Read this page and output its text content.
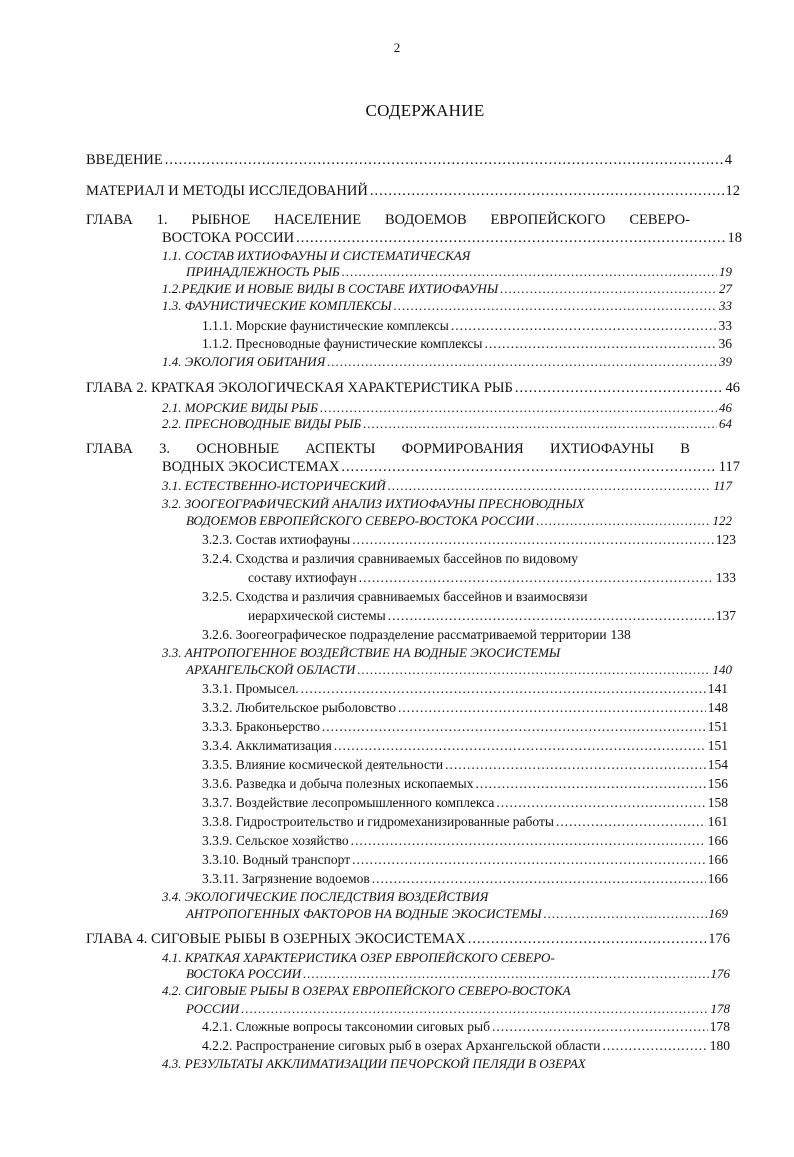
2
СОДЕРЖАНИЕ
ВВЕДЕНИЕ .....	4
МАТЕРИАЛ И МЕТОДЫ ИССЛЕДОВАНИЙ .....	12
ГЛАВА 1. РЫБНОЕ НАСЕЛЕНИЕ ВОДОЕМОВ ЕВРОПЕЙСКОГО СЕВЕРО-
ВОСТОКА РОССИИ .....	18
1.1. СОСТАВ ИХТИОФАУНЫ И СИСТЕМАТИЧЕСКАЯ
ПРИНАДЛЕЖНОСТЬ РЫБ .....	19
1.2.РЕДКИЕ И НОВЫЕ ВИДЫ В СОСТАВЕ ИХТИОФАУНЫ .....	27
1.3. ФАУНИСТИЧЕСКИЕ КОМПЛЕКСЫ .....	33
1.1.1. Морские фаунистические комплексы .....	33
1.1.2. Пресноводные фаунистические комплексы .....	36
1.4. ЭКОЛОГИЯ ОБИТАНИЯ .....	39
ГЛАВА 2. КРАТКАЯ ЭКОЛОГИЧЕСКАЯ ХАРАКТЕРИСТИКА РЫБ .....	46
2.1. МОРСКИЕ ВИДЫ РЫБ .....	46
2.2. ПРЕСНОВОДНЫЕ ВИДЫ РЫБ .....	64
ГЛАВА 3. ОСНОВНЫЕ АСПЕКТЫ ФОРМИРОВАНИЯ ИХТИОФАУНЫ В
ВОДНЫХ ЭКОСИСТЕМАХ .....	117
3.1. ЕСТЕСТВЕННО-ИСТОРИЧЕСКИЙ .....	117
3.2. ЗООГЕОГРАФИЧЕСКИЙ АНАЛИЗ ИХТИОФАУНЫ ПРЕСНОВОДНЫХ
ВОДОЕМОВ ЕВРОПЕЙСКОГО СЕВЕРО-ВОСТОКА РОССИИ .....	122
3.2.3. Состав ихтиофауны .....	123
3.2.4. Сходства и различия сравниваемых бассейнов по видовому
составу ихтиофаун .....	133
3.2.5. Сходства и различия сравниваемых бассейнов и взаимосвязи
иерархической системы .....	137
3.2.6. Зоогеографическое подразделение рассматриваемой территории 138
3.3. АНТРОПОГЕННОЕ ВОЗДЕЙСТВИЕ НА ВОДНЫЕ ЭКОСИСТЕМЫ
АРХАНГЕЛЬСКОЙ ОБЛАСТИ .....	140
3.3.1. Промысел. .....	141
3.3.2. Любительское рыболовство .....	148
3.3.3. Браконьерство .....	151
3.3.4. Акклиматизация .....	151
3.3.5. Влияние космической деятельности .....	154
3.3.6. Разведка и добыча полезных ископаемых .....	156
3.3.7. Воздействие лесопромышленного комплекса .....	158
3.3.8. Гидростроительство и гидромеханизированные работы .....	161
3.3.9. Сельское хозяйство .....	166
3.3.10. Водный транспорт .....	166
3.3.11. Загрязнение водоемов .....	166
3.4. ЭКОЛОГИЧЕСКИЕ ПОСЛЕДСТВИЯ ВОЗДЕЙСТВИЯ
АНТРОПОГЕННЫХ ФАКТОРОВ НА ВОДНЫЕ ЭКОСИСТЕМЫ .....	169
ГЛАВА 4. СИГОВЫЕ РЫБЫ В ОЗЕРНЫХ ЭКОСИСТЕМАХ .....	176
4.1. КРАТКАЯ ХАРАКТЕРИСТИКА ОЗЕР ЕВРОПЕЙСКОГО СЕВЕРО-
ВОСТОКА РОССИИ .....	176
4.2. СИГОВЫЕ РЫБЫ В ОЗЕРАХ ЕВРОПЕЙСКОГО СЕВЕРО-ВОСТОКА
РОССИИ .....	178
4.2.1. Сложные вопросы таксономии сиговых рыб .....	178
4.2.2. Распространение сиговых рыб в озерах Архангельской области .....	180
4.3. РЕЗУЛЬТАТЫ АККЛИМАТИЗАЦИИ ПЕЧОРСКОЙ ПЕЛЯДИ В ОЗЕРАХ
